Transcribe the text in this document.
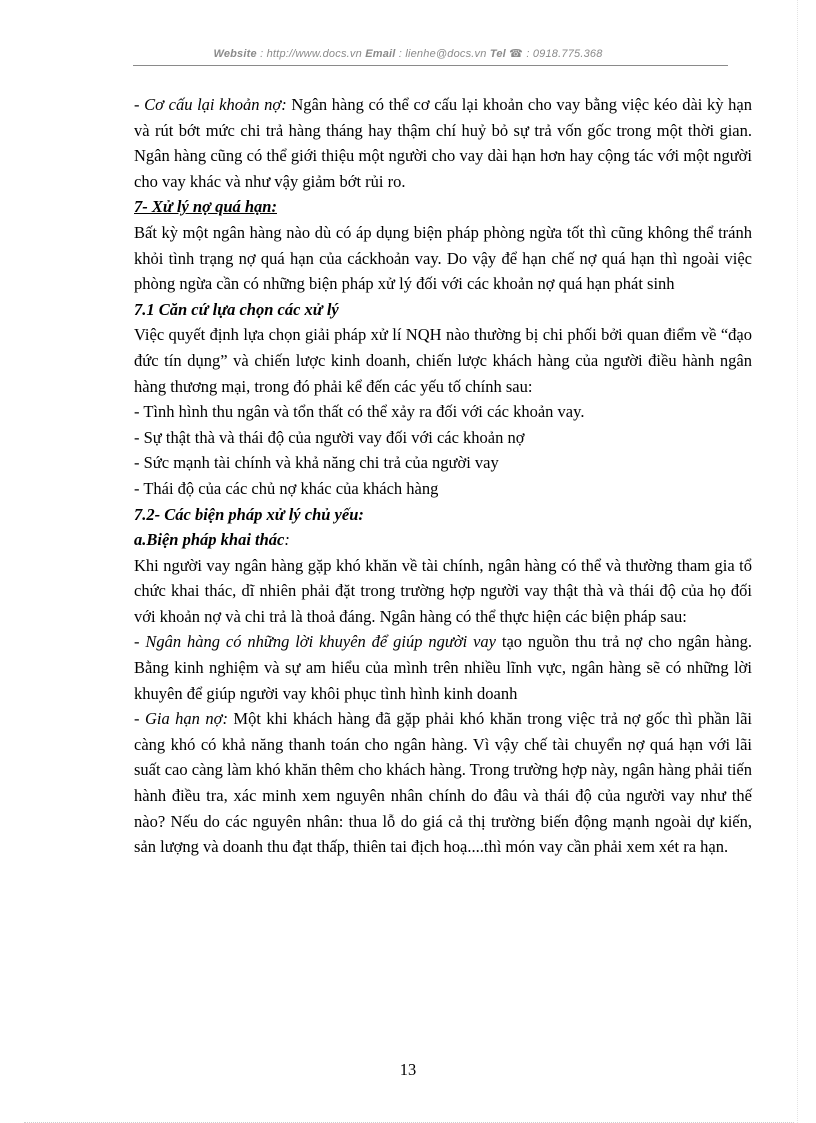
Website : http://www.docs.vn Email : lienhe@docs.vn Tel ☎ : 0918.775.368

- Cơ cấu lại khoản nợ: Ngân hàng có thể cơ cấu lại khoản cho vay bằng việc kéo dài kỳ hạn và rút bớt mức chi trả hàng tháng hay thậm chí huỷ bỏ sự trả vốn gốc trong một thời gian. Ngân hàng cũng có thể giới thiệu một người cho vay dài hạn hơn hay cộng tác với một người cho vay khác và như vậy giảm bớt rủi ro.

7- Xử lý nợ quá hạn:

Bất kỳ một ngân hàng nào dù có áp dụng biện pháp phòng ngừa tốt thì cũng không thể tránh khỏi tình trạng nợ quá hạn của cáckhoản vay. Do vậy để hạn chế nợ quá hạn thì ngoài việc phòng ngừa cần có những biện pháp xử lý đối với các khoản nợ quá hạn phát sinh

7.1 Căn cứ lựa chọn các xử lý

Việc quyết định lựa chọn giải pháp xử lí NQH nào thường bị chi phối bởi quan điểm về “đạo đức tín dụng” và chiến lược kinh doanh, chiến lược khách hàng của người điều hành ngân hàng thương mại, trong đó phải kể đến các yếu tố chính sau:

- Tình hình thu ngân và tổn thất có thể xảy ra đối với các khoản vay.

- Sự thật thà và thái độ của người vay đối với các khoản nợ

- Sức mạnh tài chính và khả năng chi trả của người vay

- Thái độ của các chủ nợ khác của khách hàng

7.2- Các biện pháp xử lý chủ yếu:

a.Biện pháp khai thác:

Khi người vay ngân hàng gặp khó khăn về tài chính, ngân hàng có thể và thường tham gia tổ chức khai thác, dĩ nhiên phải đặt trong trường hợp người vay thật thà và thái độ của họ đối với khoản nợ và chi trả là thoả đáng. Ngân hàng có thể thực hiện các biện pháp sau:

- Ngân hàng có những lời khuyên để giúp người vay tạo nguồn thu trả nợ cho ngân hàng. Bằng kinh nghiệm và sự am hiểu của mình trên nhiều lĩnh vực, ngân hàng sẽ có những lời khuyên để giúp người vay khôi phục tình hình kinh doanh

- Gia hạn nợ: Một khi khách hàng đã gặp phải khó khăn trong việc trả nợ gốc thì phần lãi càng khó có khả năng thanh toán cho ngân hàng. Vì vậy chế tài chuyển nợ quá hạn với lãi suất cao càng làm khó khăn thêm cho khách hàng. Trong trường hợp này, ngân hàng phải tiến hành điều tra, xác minh xem nguyên nhân chính do đâu và thái độ của người vay như thế nào? Nếu do các nguyên nhân: thua lỗ do giá cả thị trường biến động mạnh ngoài dự kiến, sản lượng và doanh thu đạt thấp, thiên tai địch hoạ....thì món vay cần phải xem xét ra hạn.

13
